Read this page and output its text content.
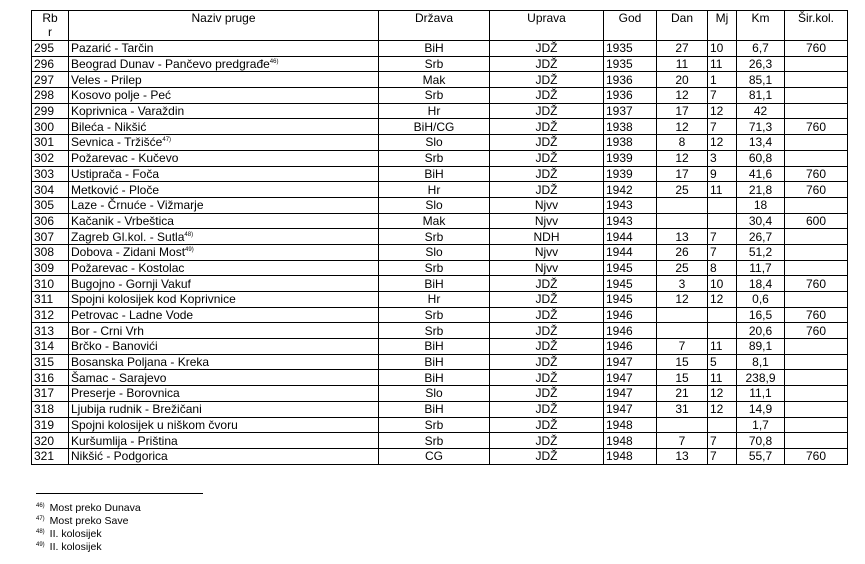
Rb
r	Naziv pruge	Država	Uprava	God	Dan	Mj	Km	Šir.kol.
295	Pazarić - Tarčin	BiH	JDŽ	1935	27	10	6,7	760
296	Beograd Dunav - Pančevo predgrađe$^{46)}$	Srb	JDŽ	1935	11	11	26,3	
297	Veles - Prilep	Mak	JDŽ	1936	20	1	85,1	
298	Kosovo polje - Peć	Srb	JDŽ	1936	12	7	81,1	
299	Koprivnica - Varaždin	Hr	JDŽ	1937	17	12	42	
300	Bileća - Nikšić	BiH/CG	JDŽ	1938	12	7	71,3	760
301	Sevnica - Tržišće$^{47)}$	Slo	JDŽ	1938	8	12	13,4	
302	Požarevac - Kučevo	Srb	JDŽ	1939	12	3	60,8	
303	Ustiprača - Foča	BiH	JDŽ	1939	17	9	41,6	760
304	Metković - Ploče	Hr	JDŽ	1942	25	11	21,8	760
305	Laze - Črnuće - Vižmarje	Slo	Njvv	1943			18	
306	Kačanik - Vrbeštica	Mak	Njvv	1943			30,4	600
307	Zagreb Gl.kol. - Sutla$^{48)}$	Srb	NDH	1944	13	7	26,7	
308	Dobova - Zidani Most$^{49)}$	Slo	Njvv	1944	26	7	51,2	
309	Požarevac - Kostolac	Srb	Njvv	1945	25	8	11,7	
310	Bugojno - Gornji Vakuf	BiH	JDŽ	1945	3	10	18,4	760
311	Spojni kolosijek kod Koprivnice	Hr	JDŽ	1945	12	12	0,6	
312	Petrovac - Ladne Vode	Srb	JDŽ	1946			16,5	760
313	Bor - Crni Vrh	Srb	JDŽ	1946			20,6	760
314	Brčko - Banovići	BiH	JDŽ	1946	7	11	89,1	
315	Bosanska Poljana - Kreka	BiH	JDŽ	1947	15	5	8,1	
316	Šamac - Sarajevo	BiH	JDŽ	1947	15	11	238,9	
317	Preserje - Borovnica	Slo	JDŽ	1947	21	12	11,1	
318	Ljubija rudnik - Brežičani	BiH	JDŽ	1947	31	12	14,9	
319	Spojni kolosijek u niškom čvoru	Srb	JDŽ	1948			1,7	
320	Kuršumlija - Priština	Srb	JDŽ	1948	7	7	70,8	
321	Nikšić - Podgorica	CG	JDŽ	1948	13	7	55,7	760
$^{46)}$ Most preko Dunava
$^{47)}$ Most preko Save
$^{48)}$ II. kolosijek
$^{49)}$ II. kolosijek
